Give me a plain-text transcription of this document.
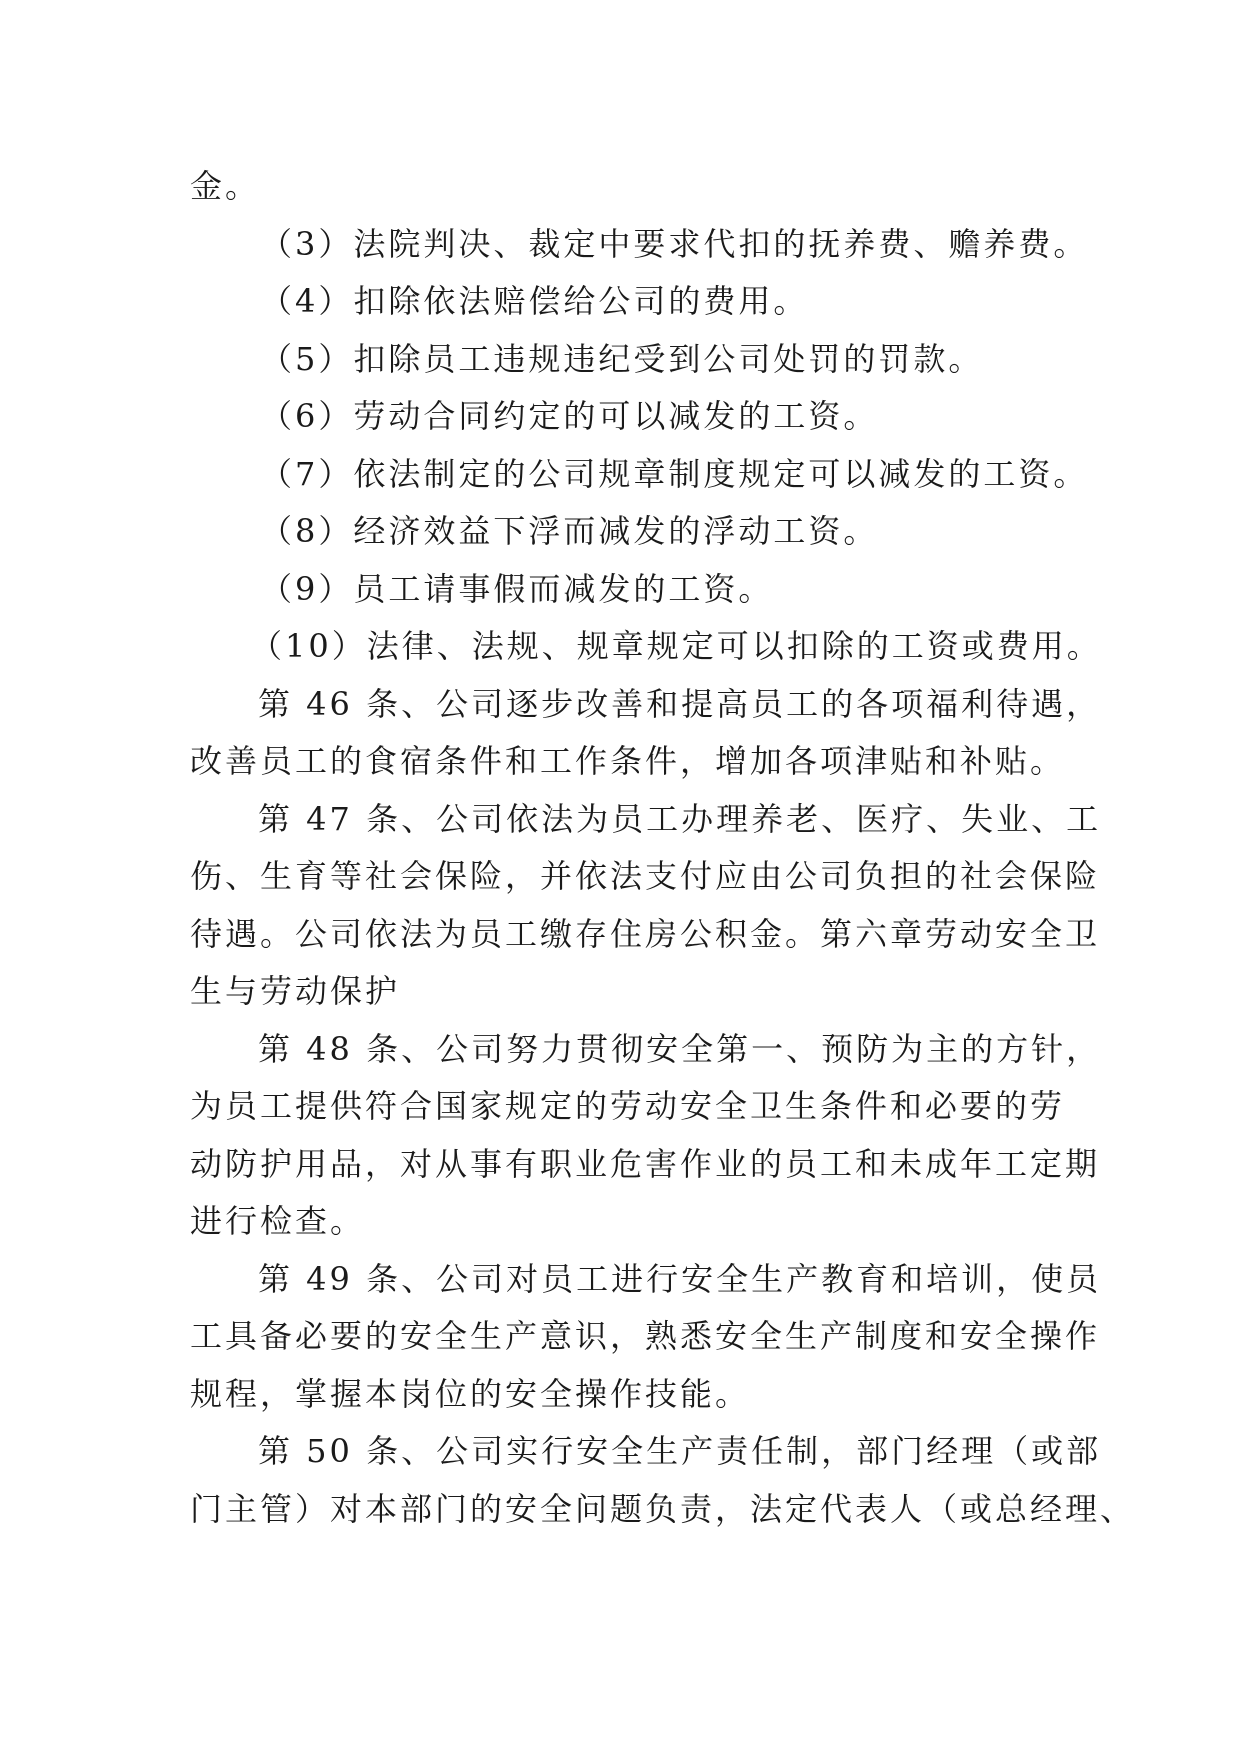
金。
（3）法院判决、裁定中要求代扣的抚养费、赡养费。
（4）扣除依法赔偿给公司的费用。
（5）扣除员工违规违纪受到公司处罚的罚款。
（6）劳动合同约定的可以减发的工资。
（7）依法制定的公司规章制度规定可以减发的工资。
（8）经济效益下浮而减发的浮动工资。
（9）员工请事假而减发的工资。
（10）法律、法规、规章规定可以扣除的工资或费用。
第 46 条、公司逐步改善和提高员工的各项福利待遇，
改善员工的食宿条件和工作条件，增加各项津贴和补贴。
第 47 条、公司依法为员工办理养老、医疗、失业、工
伤、生育等社会保险，并依法支付应由公司负担的社会保险
待遇。公司依法为员工缴存住房公积金。第六章劳动安全卫
生与劳动保护
第 48 条、公司努力贯彻安全第一、预防为主的方针，
为员工提供符合国家规定的劳动安全卫生条件和必要的劳
动防护用品，对从事有职业危害作业的员工和未成年工定期
进行检查。
第 49 条、公司对员工进行安全生产教育和培训，使员
工具备必要的安全生产意识，熟悉安全生产制度和安全操作
规程，掌握本岗位的安全操作技能。
第 50 条、公司实行安全生产责任制，部门经理（或部
门主管）对本部门的安全问题负责，法定代表人（或总经理、
